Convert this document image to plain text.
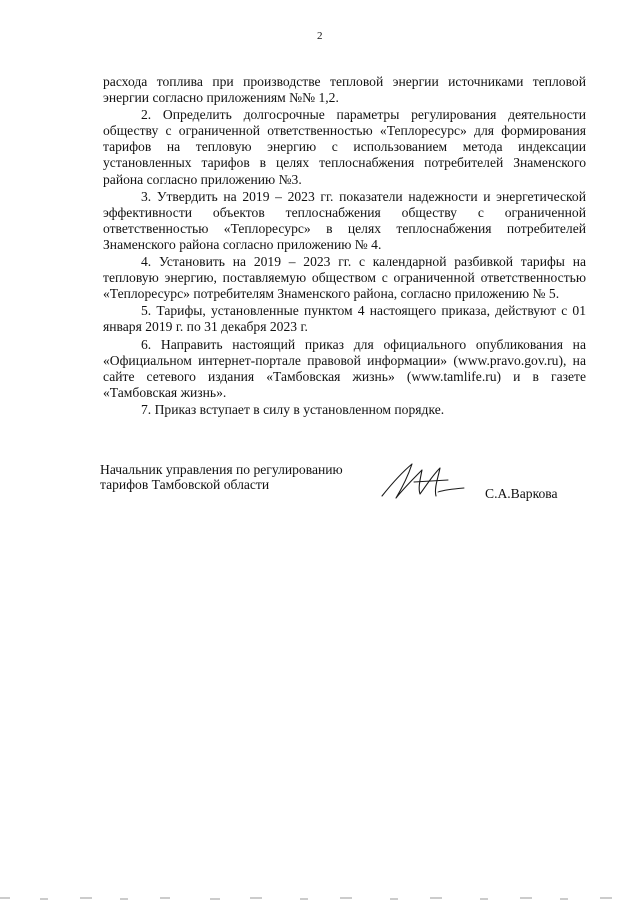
2

расхода топлива при производстве тепловой энергии источниками тепловой энергии согласно приложениям №№ 1,2.

2. Определить долгосрочные параметры регулирования деятельности обществу с ограниченной ответственностью «Теплоресурс» для формирования тарифов на тепловую энергию с использованием метода индексации установленных тарифов в целях теплоснабжения потребителей Знаменского района согласно приложению №3.

3. Утвердить на 2019 – 2023 гг. показатели надежности и энергетической эффективности объектов теплоснабжения обществу с ограниченной ответственностью «Теплоресурс» в целях теплоснабжения потребителей Знаменского района согласно приложению № 4.

4. Установить на 2019 – 2023 гг. с календарной разбивкой тарифы на тепловую энергию, поставляемую обществом с ограниченной ответственностью «Теплоресурс» потребителям Знаменского района, согласно приложению № 5.

5. Тарифы, установленные пунктом 4 настоящего приказа, действуют с 01 января 2019 г. по 31 декабря 2023 г.

6. Направить настоящий приказ для официального опубликования на «Официальном интернет-портале правовой информации» (www.pravo.gov.ru), на сайте сетевого издания «Тамбовская жизнь» (www.tamlife.ru) и в газете «Тамбовская жизнь».

7. Приказ вступает в силу в установленном порядке.

Начальник управления по регулированию
тарифов Тамбовской области
С.А.Варкова
